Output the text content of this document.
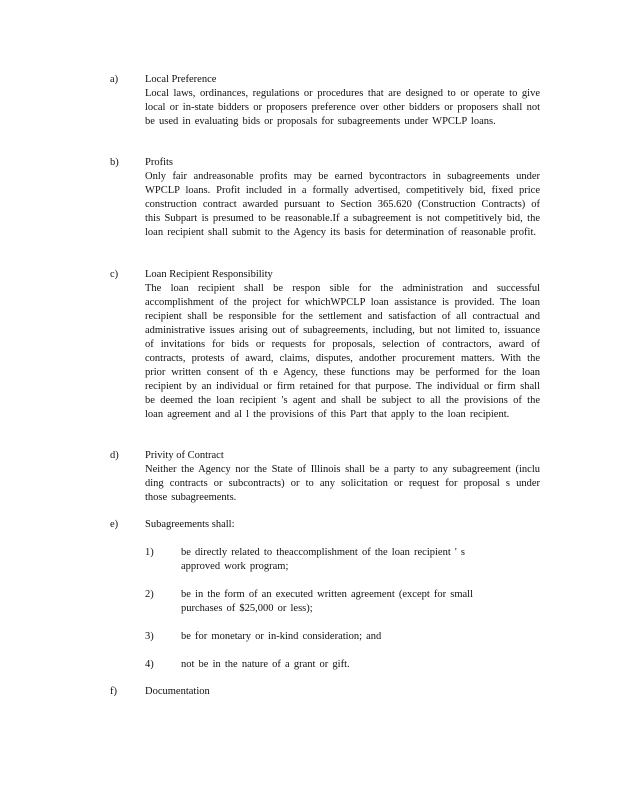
a)	Local Preference
Local laws, ordinances, regulations or procedures that are designed to or operate to give local or in-state bidders or proposers preference over other bidders or proposers shall not be used in evaluating bids or proposals for subagreements under WPCLP loans.
b)	Profits
Only fair andreasonable profits may be earned bycontractors in subagreements under WPCLP loans. Profit included in a formally advertised, competitively bid, fixed price construction contract awarded pursuant to Section 365.620 (Construction Contracts) of this Subpart is presumed to be reasonable.If a subagreement is not competitively bid, the loan recipient shall submit to the Agency its basis for determination of reasonable profit.
c)	Loan Recipient Responsibility
The loan recipient shall be respon sible for the administration and successful accomplishment of the project for whichWPCLP loan assistance is provided. The loan recipient shall be responsible for the settlement and satisfaction of all contractual and administrative issues arising out of subagreements, including, but not limited to, issuance of invitations for bids or requests for proposals, selection of contractors, award of contracts, protests of award, claims, disputes, andother procurement matters. With the prior written consent of th e Agency, these functions may be performed for the loan recipient by an individual or firm retained for that purpose. The individual or firm shall be deemed the loan recipient 's agent and shall be subject to all the provisions of the loan agreement and al l the provisions of this Part that apply to the loan recipient.
d)	Privity of Contract
Neither the Agency nor the State of Illinois shall be a party to any subagreement (inclu ding contracts or subcontracts) or to any solicitation or request for proposal s under those subagreements.
e)	Subagreements shall:
1)	be directly related to theaccomplishment of the loan recipient ' s approved work program;
2)	be in the form of an executed written agreement (except for small purchases of $25,000 or less);
3)	be for monetary or in-kind consideration; and
4)	not be in the nature of a grant or gift.
f)	Documentation
